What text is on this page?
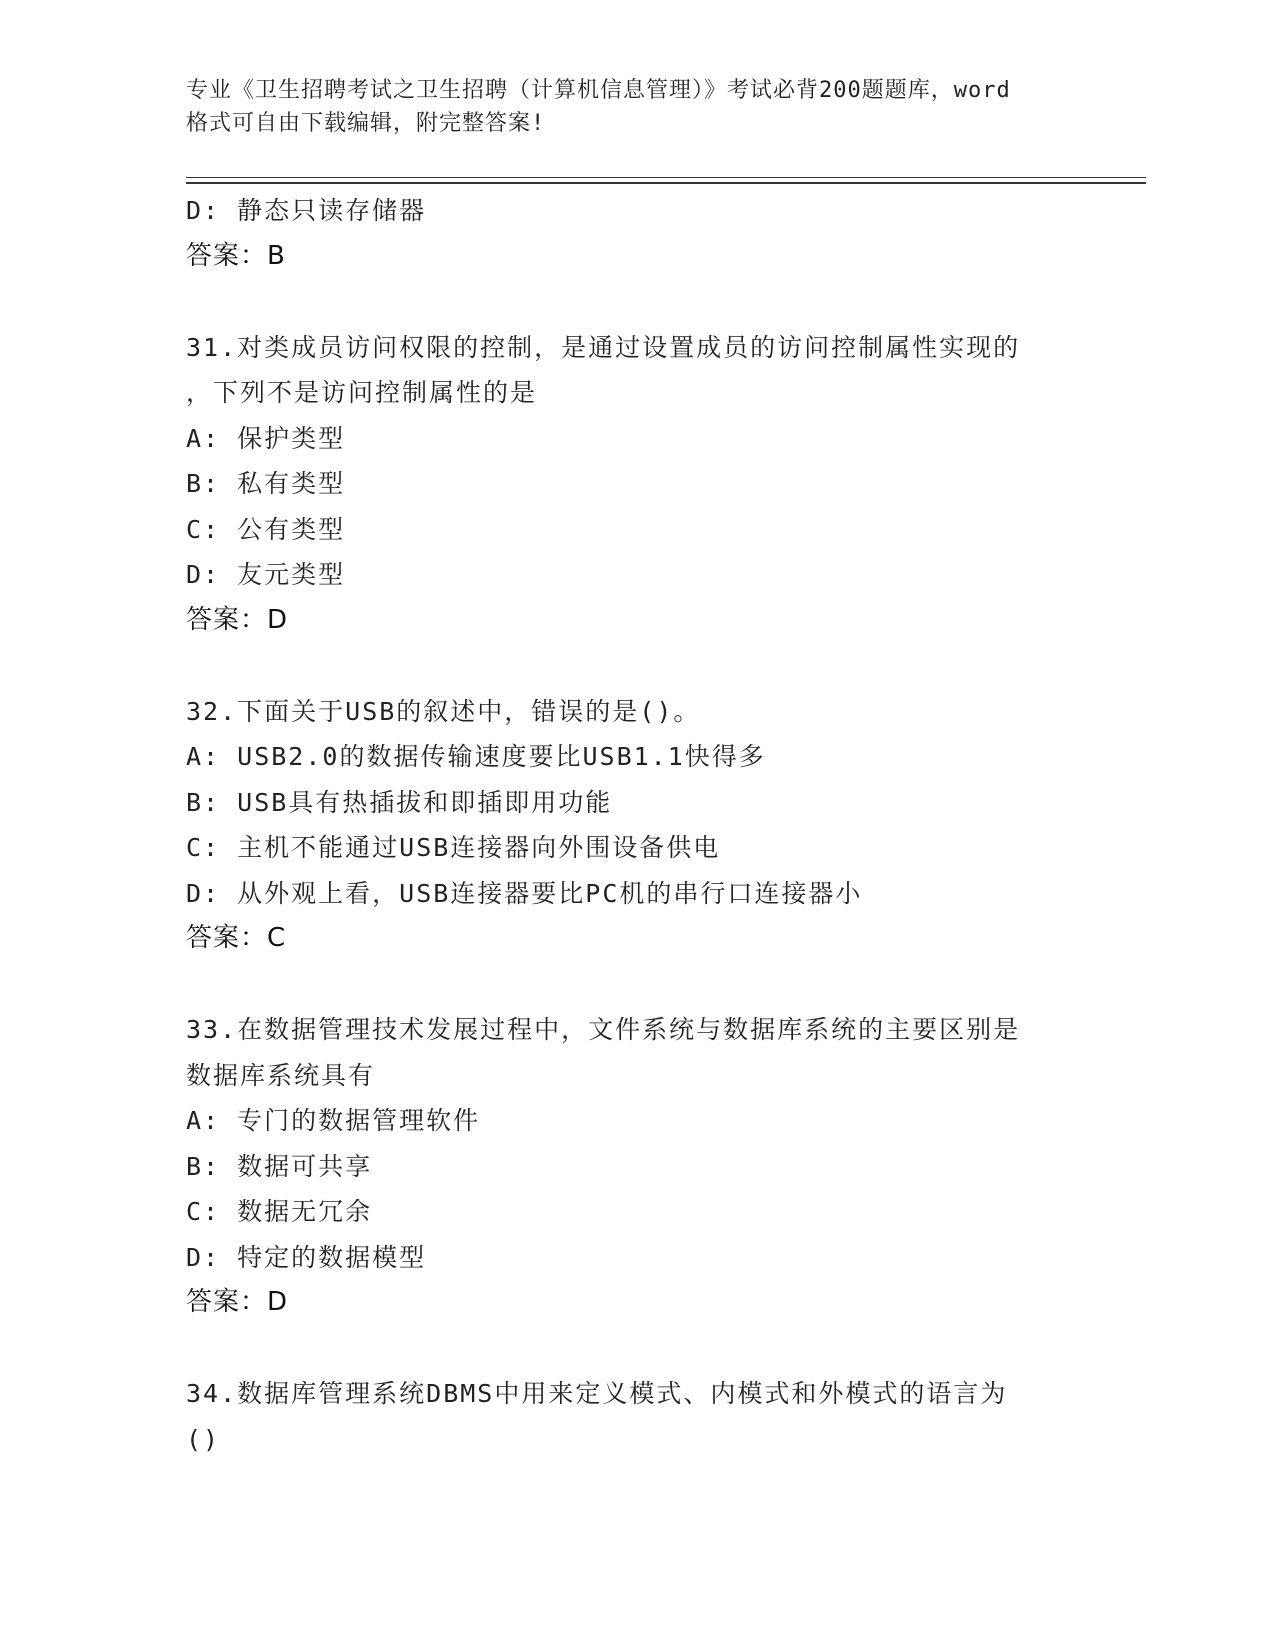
专业《卫生招聘考试之卫生招聘（计算机信息管理）》考试必背200题题库，word
格式可自由下载编辑，附完整答案!
D: 静态只读存储器
答案：B
31.对类成员访问权限的控制，是通过设置成员的访问控制属性实现的
，下列不是访问控制属性的是
A: 保护类型
B: 私有类型
C: 公有类型
D: 友元类型
答案：D
32.下面关于USB的叙述中，错误的是()。
A: USB2.0的数据传输速度要比USB1.1快得多
B: USB具有热插拔和即插即用功能
C: 主机不能通过USB连接器向外围设备供电
D: 从外观上看，USB连接器要比PC机的串行口连接器小
答案：C
33.在数据管理技术发展过程中，文件系统与数据库系统的主要区别是
数据库系统具有
A: 专门的数据管理软件
B: 数据可共享
C: 数据无冗余
D: 特定的数据模型
答案：D
34.数据库管理系统DBMS中用来定义模式、内模式和外模式的语言为
()
